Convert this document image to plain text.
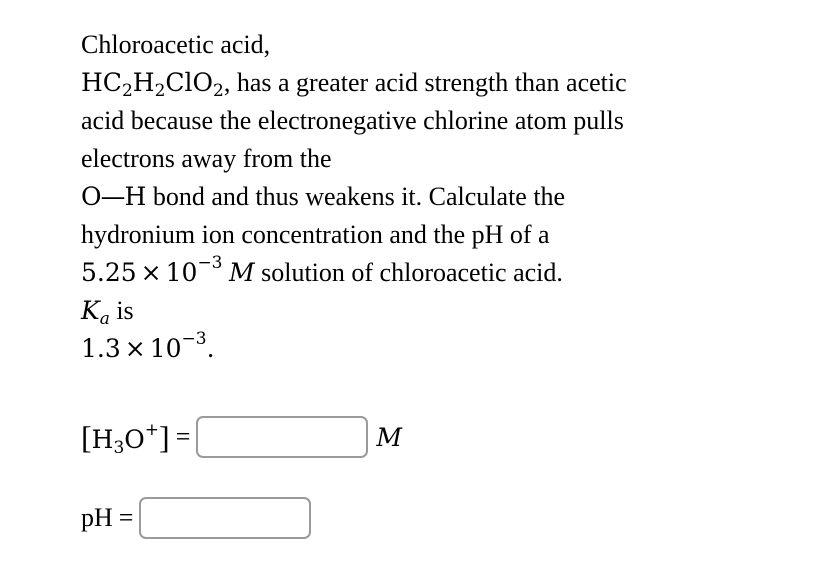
Chloroacetic acid,
$HC_2H_2ClO_2$, has a greater acid strength than acetic
acid because the electronegative chlorine atom pulls
electrons away from the
O—H bond and thus weakens it. Calculate the
hydronium ion concentration and the pH of a
$5.25 \times 10^{-3}$ M solution of chloroacetic acid.
$K_a$ is
$1.3 \times 10^{-3}$.
$[H_3O^+]$ =	M
pH =
